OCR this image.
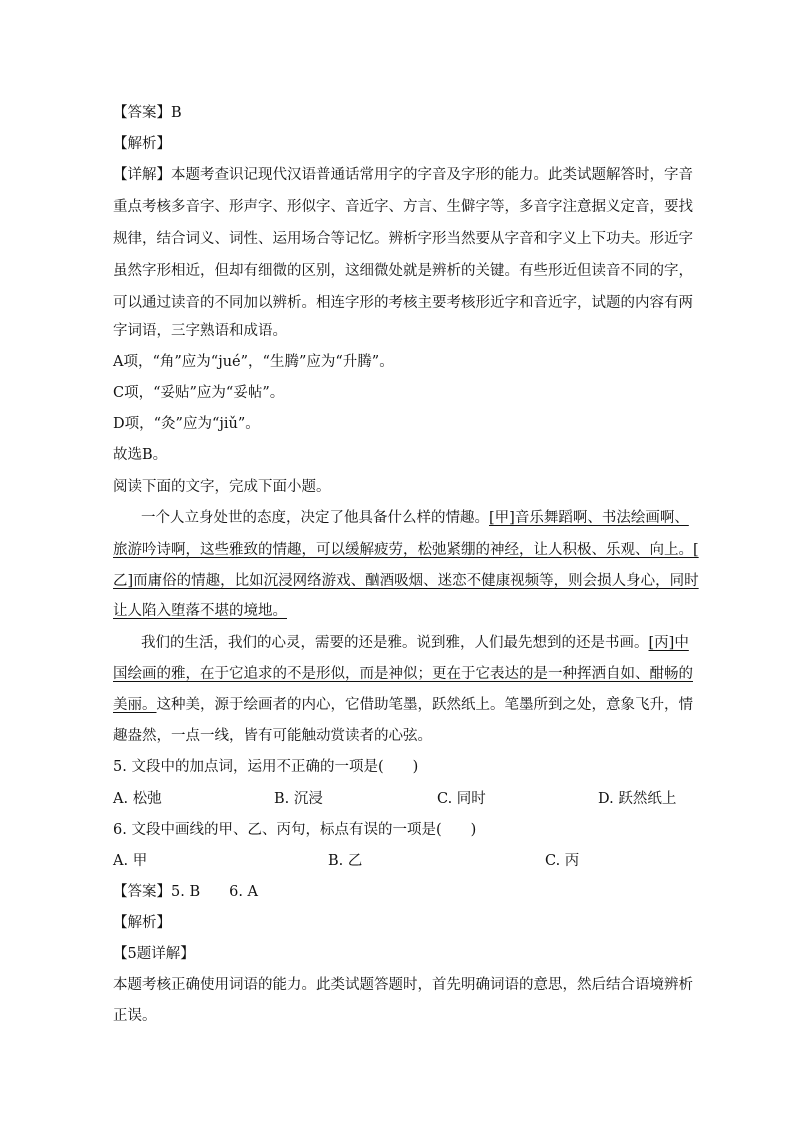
【答案】B
【解析】
【详解】本题考查识记现代汉语普通话常用字的字音及字形的能力。此类试题解答时，字音
重点考核多音字、形声字、形似字、音近字、方言、生僻字等，多音字注意据义定音，要找
规律，结合词义、词性、运用场合等记忆。辨析字形当然要从字音和字义上下功夫。形近字
虽然字形相近，但却有细微的区别，这细微处就是辨析的关键。有些形近但读音不同的字，
可以通过读音的不同加以辨析。相连字形的考核主要考核形近字和音近字，试题的内容有两
字词语，三字熟语和成语。
A项，“角”应为“jué”，“生腾”应为“升腾”。
C项，“妥贴”应为“妥帖”。
D项，“灸”应为“jiǔ”。
故选B。
阅读下面的文字，完成下面小题。
一个人立身处世的态度，决定了他具备什么样的情趣。[甲]音乐舞蹈啊、书法绘画啊、
旅游吟诗啊，这些雅致的情趣，可以缓解疲劳，松弛紧绷的神经，让人积极、乐观、向上。[
乙]而庸俗的情趣，比如沉浸网络游戏、酗酒吸烟、迷恋不健康视频等，则会损人身心，同时
让人陷入堕落不堪的境地。
我们的生活，我们的心灵，需要的还是雅。说到雅，人们最先想到的还是书画。[丙]中
国绘画的雅，在于它追求的不是形似，而是神似；更在于它表达的是一种挥洒自如、酣畅的
美丽。这种美，源于绘画者的内心，它借助笔墨，跃然纸上。笔墨所到之处，意象飞升，情
趣盎然，一点一线，皆有可能触动赏读者的心弦。
5. 文段中的加点词，运用不正确的一项是(　　)
A. 松弛	B. 沉浸	C. 同时	D. 跃然纸上
6. 文段中画线的甲、乙、丙句，标点有误的一项是(　　)
A. 甲	B. 乙	C. 丙
【答案】5. B　　6. A
【解析】
【5题详解】
本题考核正确使用词语的能力。此类试题答题时，首先明确词语的意思，然后结合语境辨析
正误。
